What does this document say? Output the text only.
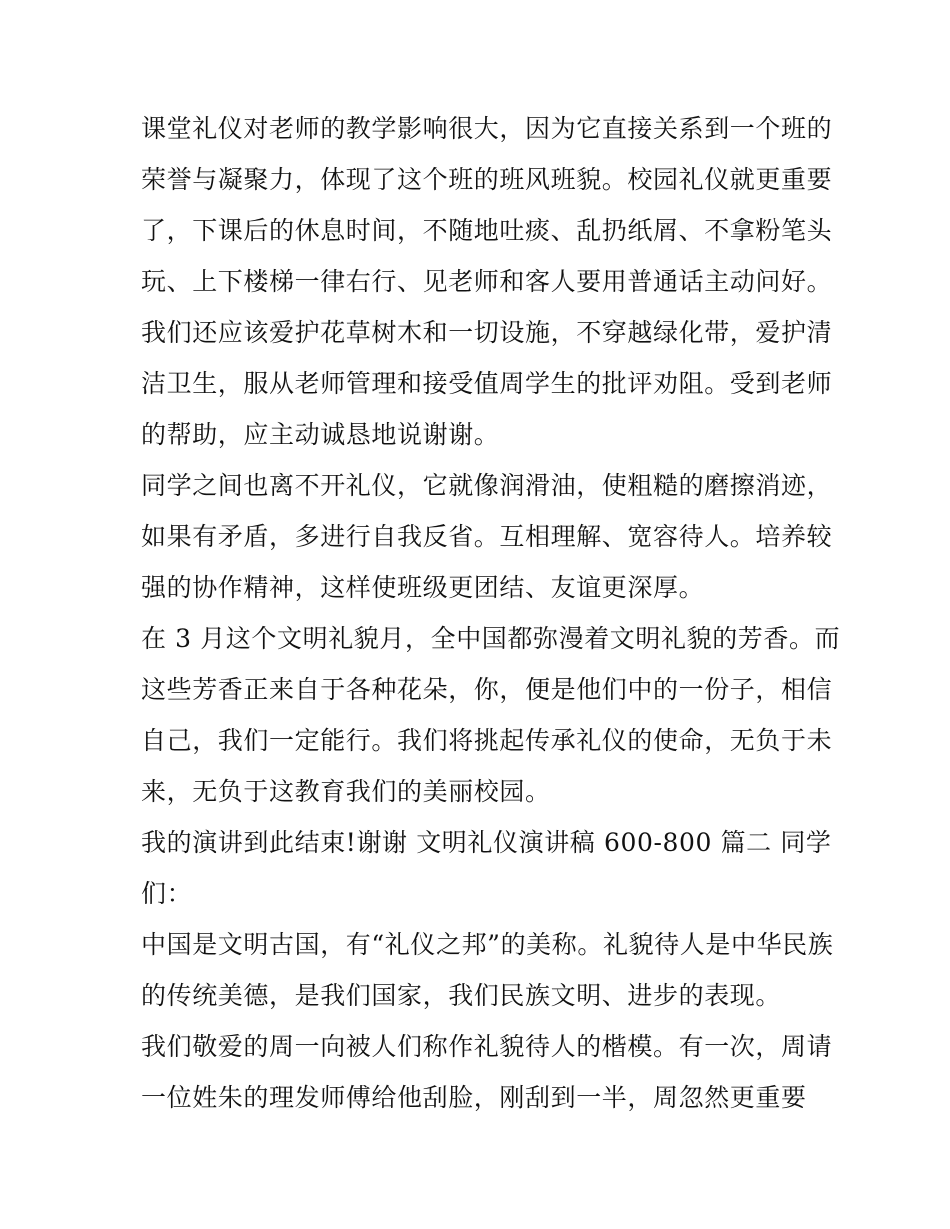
课堂礼仪对老师的教学影响很大，因为它直接关系到一个班的
荣誉与凝聚力，体现了这个班的班风班貌。校园礼仪就更重要
了，下课后的休息时间，不随地吐痰、乱扔纸屑、不拿粉笔头
玩、上下楼梯一律右行、见老师和客人要用普通话主动问好。
我们还应该爱护花草树木和一切设施，不穿越绿化带，爱护清
洁卫生，服从老师管理和接受值周学生的批评劝阻。受到老师
的帮助，应主动诚恳地说谢谢。
同学之间也离不开礼仪，它就像润滑油，使粗糙的磨擦消迹，
如果有矛盾，多进行自我反省。互相理解、宽容待人。培养较
强的协作精神，这样使班级更团结、友谊更深厚。
在 3 月这个文明礼貌月，全中国都弥漫着文明礼貌的芳香。而
这些芳香正来自于各种花朵，你，便是他们中的一份子，相信
自己，我们一定能行。我们将挑起传承礼仪的使命，无负于未
来，无负于这教育我们的美丽校园。
我的演讲到此结束!谢谢 文明礼仪演讲稿 600-800 篇二 同学
们：
中国是文明古国，有“礼仪之邦”的美称。礼貌待人是中华民族
的传统美德，是我们国家，我们民族文明、进步的表现。
我们敬爱的周一向被人们称作礼貌待人的楷模。有一次，周请
一位姓朱的理发师傅给他刮脸，刚刮到一半，周忽然更重要
